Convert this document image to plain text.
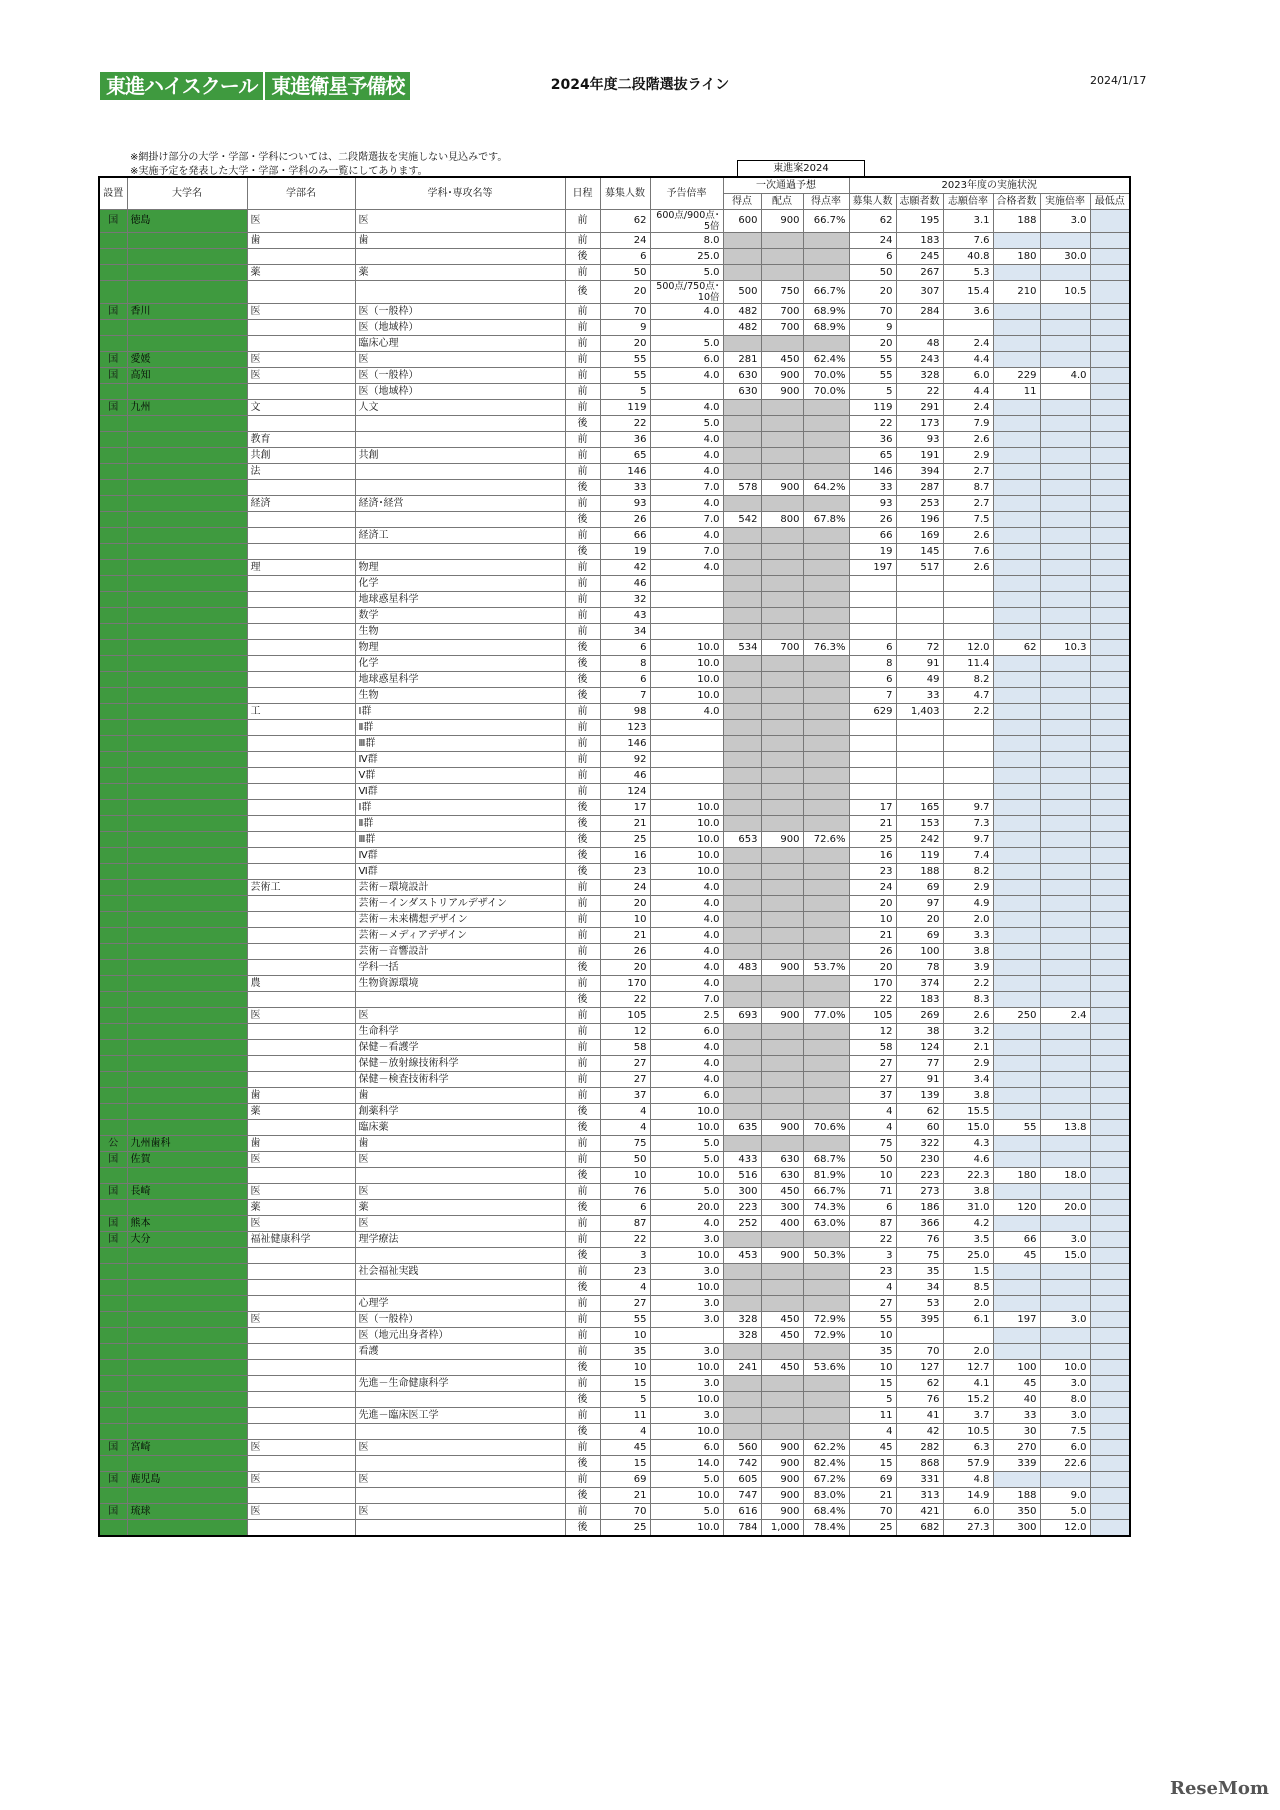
東進ハイスクール 東進衛星予備校	2024年度二段階選抜ライン	2024/1/17
※網掛け部分の大学・学部・学科については、二段階選抜を実施しない見込みです。
※実施予定を発表した大学・学部・学科のみ一覧にしてあります。	東進案2024
設置	大学名	学部名	学科･専攻名等	日程	募集人数	予告倍率	一次通過予想			2023年度の実施状況					
							得点	配点	得点率	募集人数	志願者数	志願倍率	合格者数	実施倍率	最低点
国	徳島	医	医	前	62	600点/900点･5倍	600	900	66.7%	62	195	3.1	188	3.0	
		歯	歯	前	24	8.0				24	183	7.6			
				後	6	25.0				6	245	40.8	180	30.0	
		薬	薬	前	50	5.0				50	267	5.3			
				後	20	500点/750点･10倍	500	750	66.7%	20	307	15.4	210	10.5	
国	香川	医	医（一般枠）	前	70	4.0	482	700	68.9%	70	284	3.6			
			医（地域枠）	前	9		482	700	68.9%	9					
			臨床心理	前	20	5.0				20	48	2.4			
国	愛媛	医	医	前	55	6.0	281	450	62.4%	55	243	4.4			
国	高知	医	医（一般枠）	前	55	4.0	630	900	70.0%	55	328	6.0	229	4.0	
			医（地域枠）	前	5		630	900	70.0%	5	22	4.4	11		
国	九州	文	人文	前	119	4.0				119	291	2.4			
				後	22	5.0				22	173	7.9			
		教育		前	36	4.0				36	93	2.6			
		共創	共創	前	65	4.0				65	191	2.9			
		法		前	146	4.0				146	394	2.7			
				後	33	7.0	578	900	64.2%	33	287	8.7			
		経済	経済･経営	前	93	4.0				93	253	2.7			
				後	26	7.0	542	800	67.8%	26	196	7.5			
			経済工	前	66	4.0				66	169	2.6			
				後	19	7.0				19	145	7.6			
		理	物理	前	42	4.0				197	517	2.6			
			化学	前	46										
			地球惑星科学	前	32										
			数学	前	43										
			生物	前	34										
			物理	後	6	10.0	534	700	76.3%	6	72	12.0	62	10.3	
			化学	後	8	10.0				8	91	11.4			
			地球惑星科学	後	6	10.0				6	49	8.2			
			生物	後	7	10.0				7	33	4.7			
		工	Ⅰ群	前	98	4.0				629	1,403	2.2			
			Ⅱ群	前	123										
			Ⅲ群	前	146										
			Ⅳ群	前	92										
			Ⅴ群	前	46										
			Ⅵ群	前	124										
			Ⅰ群	後	17	10.0				17	165	9.7			
			Ⅱ群	後	21	10.0				21	153	7.3			
			Ⅲ群	後	25	10.0	653	900	72.6%	25	242	9.7			
			Ⅳ群	後	16	10.0				16	119	7.4			
			Ⅵ群	後	23	10.0				23	188	8.2			
		芸術工	芸術－環境設計	前	24	4.0				24	69	2.9			
			芸術－インダストリアルデザイン	前	20	4.0				20	97	4.9			
			芸術－未来構想デザイン	前	10	4.0				10	20	2.0			
			芸術－メディアデザイン	前	21	4.0				21	69	3.3			
			芸術－音響設計	前	26	4.0				26	100	3.8			
			学科一括	後	20	4.0	483	900	53.7%	20	78	3.9			
		農	生物資源環境	前	170	4.0				170	374	2.2			
				後	22	7.0				22	183	8.3			
		医	医	前	105	2.5	693	900	77.0%	105	269	2.6	250	2.4	
			生命科学	前	12	6.0				12	38	3.2			
			保健－看護学	前	58	4.0				58	124	2.1			
			保健－放射線技術科学	前	27	4.0				27	77	2.9			
			保健－検査技術科学	前	27	4.0				27	91	3.4			
		歯	歯	前	37	6.0				37	139	3.8			
		薬	創薬科学	後	4	10.0				4	62	15.5			
			臨床薬	後	4	10.0	635	900	70.6%	4	60	15.0	55	13.8	
公	九州歯科	歯	歯	前	75	5.0				75	322	4.3			
国	佐賀	医	医	前	50	5.0	433	630	68.7%	50	230	4.6			
				後	10	10.0	516	630	81.9%	10	223	22.3	180	18.0	
国	長崎	医	医	前	76	5.0	300	450	66.7%	71	273	3.8			
		薬	薬	後	6	20.0	223	300	74.3%	6	186	31.0	120	20.0	
国	熊本	医	医	前	87	4.0	252	400	63.0%	87	366	4.2			
国	大分	福祉健康科学	理学療法	前	22	3.0				22	76	3.5	66	3.0	
				後	3	10.0	453	900	50.3%	3	75	25.0	45	15.0	
			社会福祉実践	前	23	3.0				23	35	1.5			
				後	4	10.0				4	34	8.5			
			心理学	前	27	3.0				27	53	2.0			
		医	医（一般枠）	前	55	3.0	328	450	72.9%	55	395	6.1	197	3.0	
			医（地元出身者枠）	前	10		328	450	72.9%	10					
			看護	前	35	3.0				35	70	2.0			
				後	10	10.0	241	450	53.6%	10	127	12.7	100	10.0	
			先進－生命健康科学	前	15	3.0				15	62	4.1	45	3.0	
				後	5	10.0				5	76	15.2	40	8.0	
			先進－臨床医工学	前	11	3.0				11	41	3.7	33	3.0	
				後	4	10.0				4	42	10.5	30	7.5	
国	宮崎	医	医	前	45	6.0	560	900	62.2%	45	282	6.3	270	6.0	
				後	15	14.0	742	900	82.4%	15	868	57.9	339	22.6	
国	鹿児島	医	医	前	69	5.0	605	900	67.2%	69	331	4.8			
				後	21	10.0	747	900	83.0%	21	313	14.9	188	9.0	
国	琉球	医	医	前	70	5.0	616	900	68.4%	70	421	6.0	350	5.0	
				後	25	10.0	784	1,000	78.4%	25	682	27.3	300	12.0	
ReseMom
